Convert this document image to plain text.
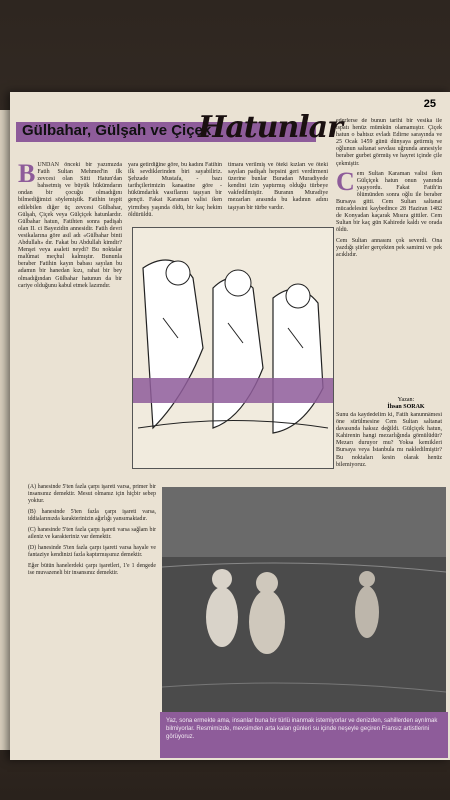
25
Gülbahar, Gülşah ve Çiçek
Hatunlar
B UNDAN önceki bir yazımızda Fatih Sultan Mehmed'in ilk zevcesi olan Sitti Hatun'dan bahsetmiş ve büyük hükümdarın ondan bir çocuğu olmadığını bilmediğimizi söylemiştik. Fatihin teşpit edilebilen diğer üç zevcesi Gülbahar, Gülşah, Çiçek veya Gülçiçek hatunlardır. Gülbahar hatun, Fatihten sonra padişah olan II. ci Bayezidin annesidir. Fatih devri vesikalarına göre asil adı «Gülbahar binti Abdullah» dır. Fakat bu Abdullah kimdir? Menşei veya asaleti neydi? Bu noktalar malûmat meçhul kalmıştır. Bununla beraber Fatihin kayın babası sayılan bu adamın bir hanedan kızı, rahat bir bey olmadığından Gülbahar hatunun da bir cariye olduğunu kabul etmek lazımdır.
yara getirdiğine göre, bu kadını Fatihin ilk sevdiklerinden biri sayabiliriz. Şehzade Mustafa, - bazı tarihçilerimizin kanaatine göre - hükümdarlık vasıflarını taşıyan bir gençti. Fakat Karaman valisi iken yirmibeş yaşında öldü, bir kaç hekim öldürüldü.
timara verilmiş ve öteki kızları ve öteki sayılan padişah hepsini geri verdirmeni üzerine bunlar Buradan Muradiyede kendini izin yaptırmış olduğu türbeye vakfedilmiştir. Buranın Muradiye mezarları arasında bu kadının adını taşıyan bir türbe vardır.

ederlerse de bunun tarihi bir vesika ile ispatı henüz mümkün olamamıştır. Çiçek hatun o bahtsız evladı Edirne sarayında ve 25 Ocak 1459 günü dünyaya getirmiş ve oğlunun saltanat sevdası uğrunda annesiyle beraber gurbet görmüş ve hayret içinde çile çekmiştir.

Cem Sultan Karaman valisi iken Gülçiçek hatun onun yanında yaşıyordu. Fakat Fatih'in ölümünden sonra oğlu ile beraber Bursaya gitti. Cem Sultan saltanat mücadelesini kaybedince 28 Haziran 1482 de Konyadan kaçarak Mısıra gittiler. Cem Sultan bir kaç gün Kahirede kaldı ve orada öldü.

Cem Sultan annasını çok severdi. Ona yazdığı şiirler gerçekten pek samimi ve pek acıklıdır.

Yazan:
İhsan SORAK
Sunu da kaydedelim ki, Fatih kanunnâmesi öne sürülmesine Cem Sultan saltanat davasında haksız değildi. Gülçiçek hatun, Kahirenin hangi mezarlığında gömülüdür? Mezarı duruyor mu? Yoksa kemikleri Bursaya veya İstanbula mı nakledilmiştir? Bu noktaları kesin olarak henüz bilemiyoruz.

(A) hanesinde 5'ten fazla çarpı işareti varsa, primer bir insansınız demektir. Mesut olmanız için hiçbir sebep yoktur.

(B) hanesinde 5'ten fazla çarpı işareti varsa, iddialarınızda karakterinizin ağırlığı yansımaktadır.

(C) hanesinde 5'ten fazla çarpı işareti varsa sağlam bir aileniz ve karakteriniz var demektir.

(D) hanesinde 5'ten fazla çarpı işareti varsa hayale ve fantaziye kendinizi fazla kaptırmışsınız demektir.

Eğer bütün hanelerdeki çarpı işaretleri, 1'e 1 dengede ise muvazeneli bir insansınız demektir.

Yaz, sona ermekte ama, insanlar buna bir türlü inanmak istemiyorlar ve denizden, sahillerden ayrılmak bilmiyorlar. Resmimizde, mevsimden arta kalan günleri su içinde neşeyle geçiren Fransız artistlerini görüyoruz.
